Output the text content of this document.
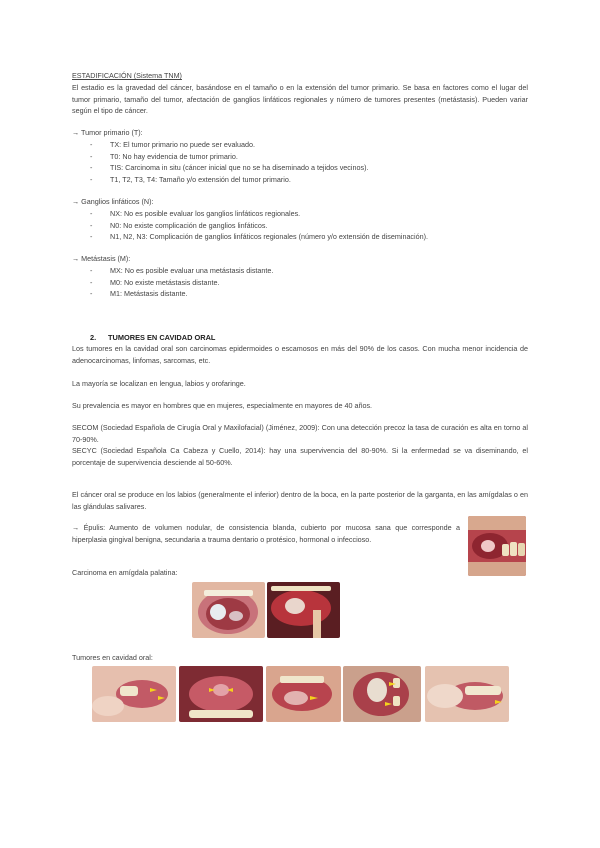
ESTADIFICACIÓN (Sistema TNM)

El estadio es la gravedad del cáncer, basándose en el tamaño o en la extensión del tumor primario. Se basa en factores como el lugar del tumor primario, tamaño del tumor, afectación de ganglios linfáticos regionales y número de tumores presentes (metástasis). Pueden variar según el tipo de cáncer.

→ Tumor primario (T):

- TX: El tumor primario no puede ser evaluado.
- T0: No hay evidencia de tumor primario.
- TIS: Carcinoma in situ (cáncer inicial que no se ha diseminado a tejidos vecinos).
- T1, T2, T3, T4: Tamaño y/o extensión del tumor primario.

→ Ganglios linfáticos (N):

- NX: No es posible evaluar los ganglios linfáticos regionales.
- N0: No existe complicación de ganglios linfáticos.
- N1, N2, N3: Complicación de ganglios linfáticos regionales (número y/o extensión de diseminación).

→ Metástasis (M):

- MX: No es posible evaluar una metástasis distante.
- M0: No existe metástasis distante.
- M1: Metástasis distante.
2. TUMORES EN CAVIDAD ORAL

Los tumores en la cavidad oral son carcinomas epidermoides o escamosos en más del 90% de los casos. Con mucha menor incidencia de adenocarcinomas, linfomas, sarcomas, etc.

La mayoría se localizan en lengua, labios y orofaringe.

Su prevalencia es mayor en hombres que en mujeres, especialmente en mayores de 40 años.

SECOM (Sociedad Española de Cirugía Oral y Maxilofacial) (Jiménez, 2009): Con una detección precoz la tasa de curación es alta en torno al 70-90%.

SECYC (Sociedad Española Ca Cabeza y Cuello, 2014): hay una supervivencia del 80-90%. Si la enfermedad se va diseminando, el porcentaje de supervivencia desciende al 50-60%.

El cáncer oral se produce en los labios (generalmente el inferior) dentro de la boca, en la parte posterior de la garganta, en las amígdalas o en las glándulas salivares.

→ Épulis: Aumento de volumen nodular, de consistencia blanda, cubierto por mucosa sana que corresponde a hiperplasia gingival benigna, secundaria a trauma dentario o protésico, hormonal o infeccioso.

Carcinoma en amígdala palatina:

Tumores en cavidad oral:
